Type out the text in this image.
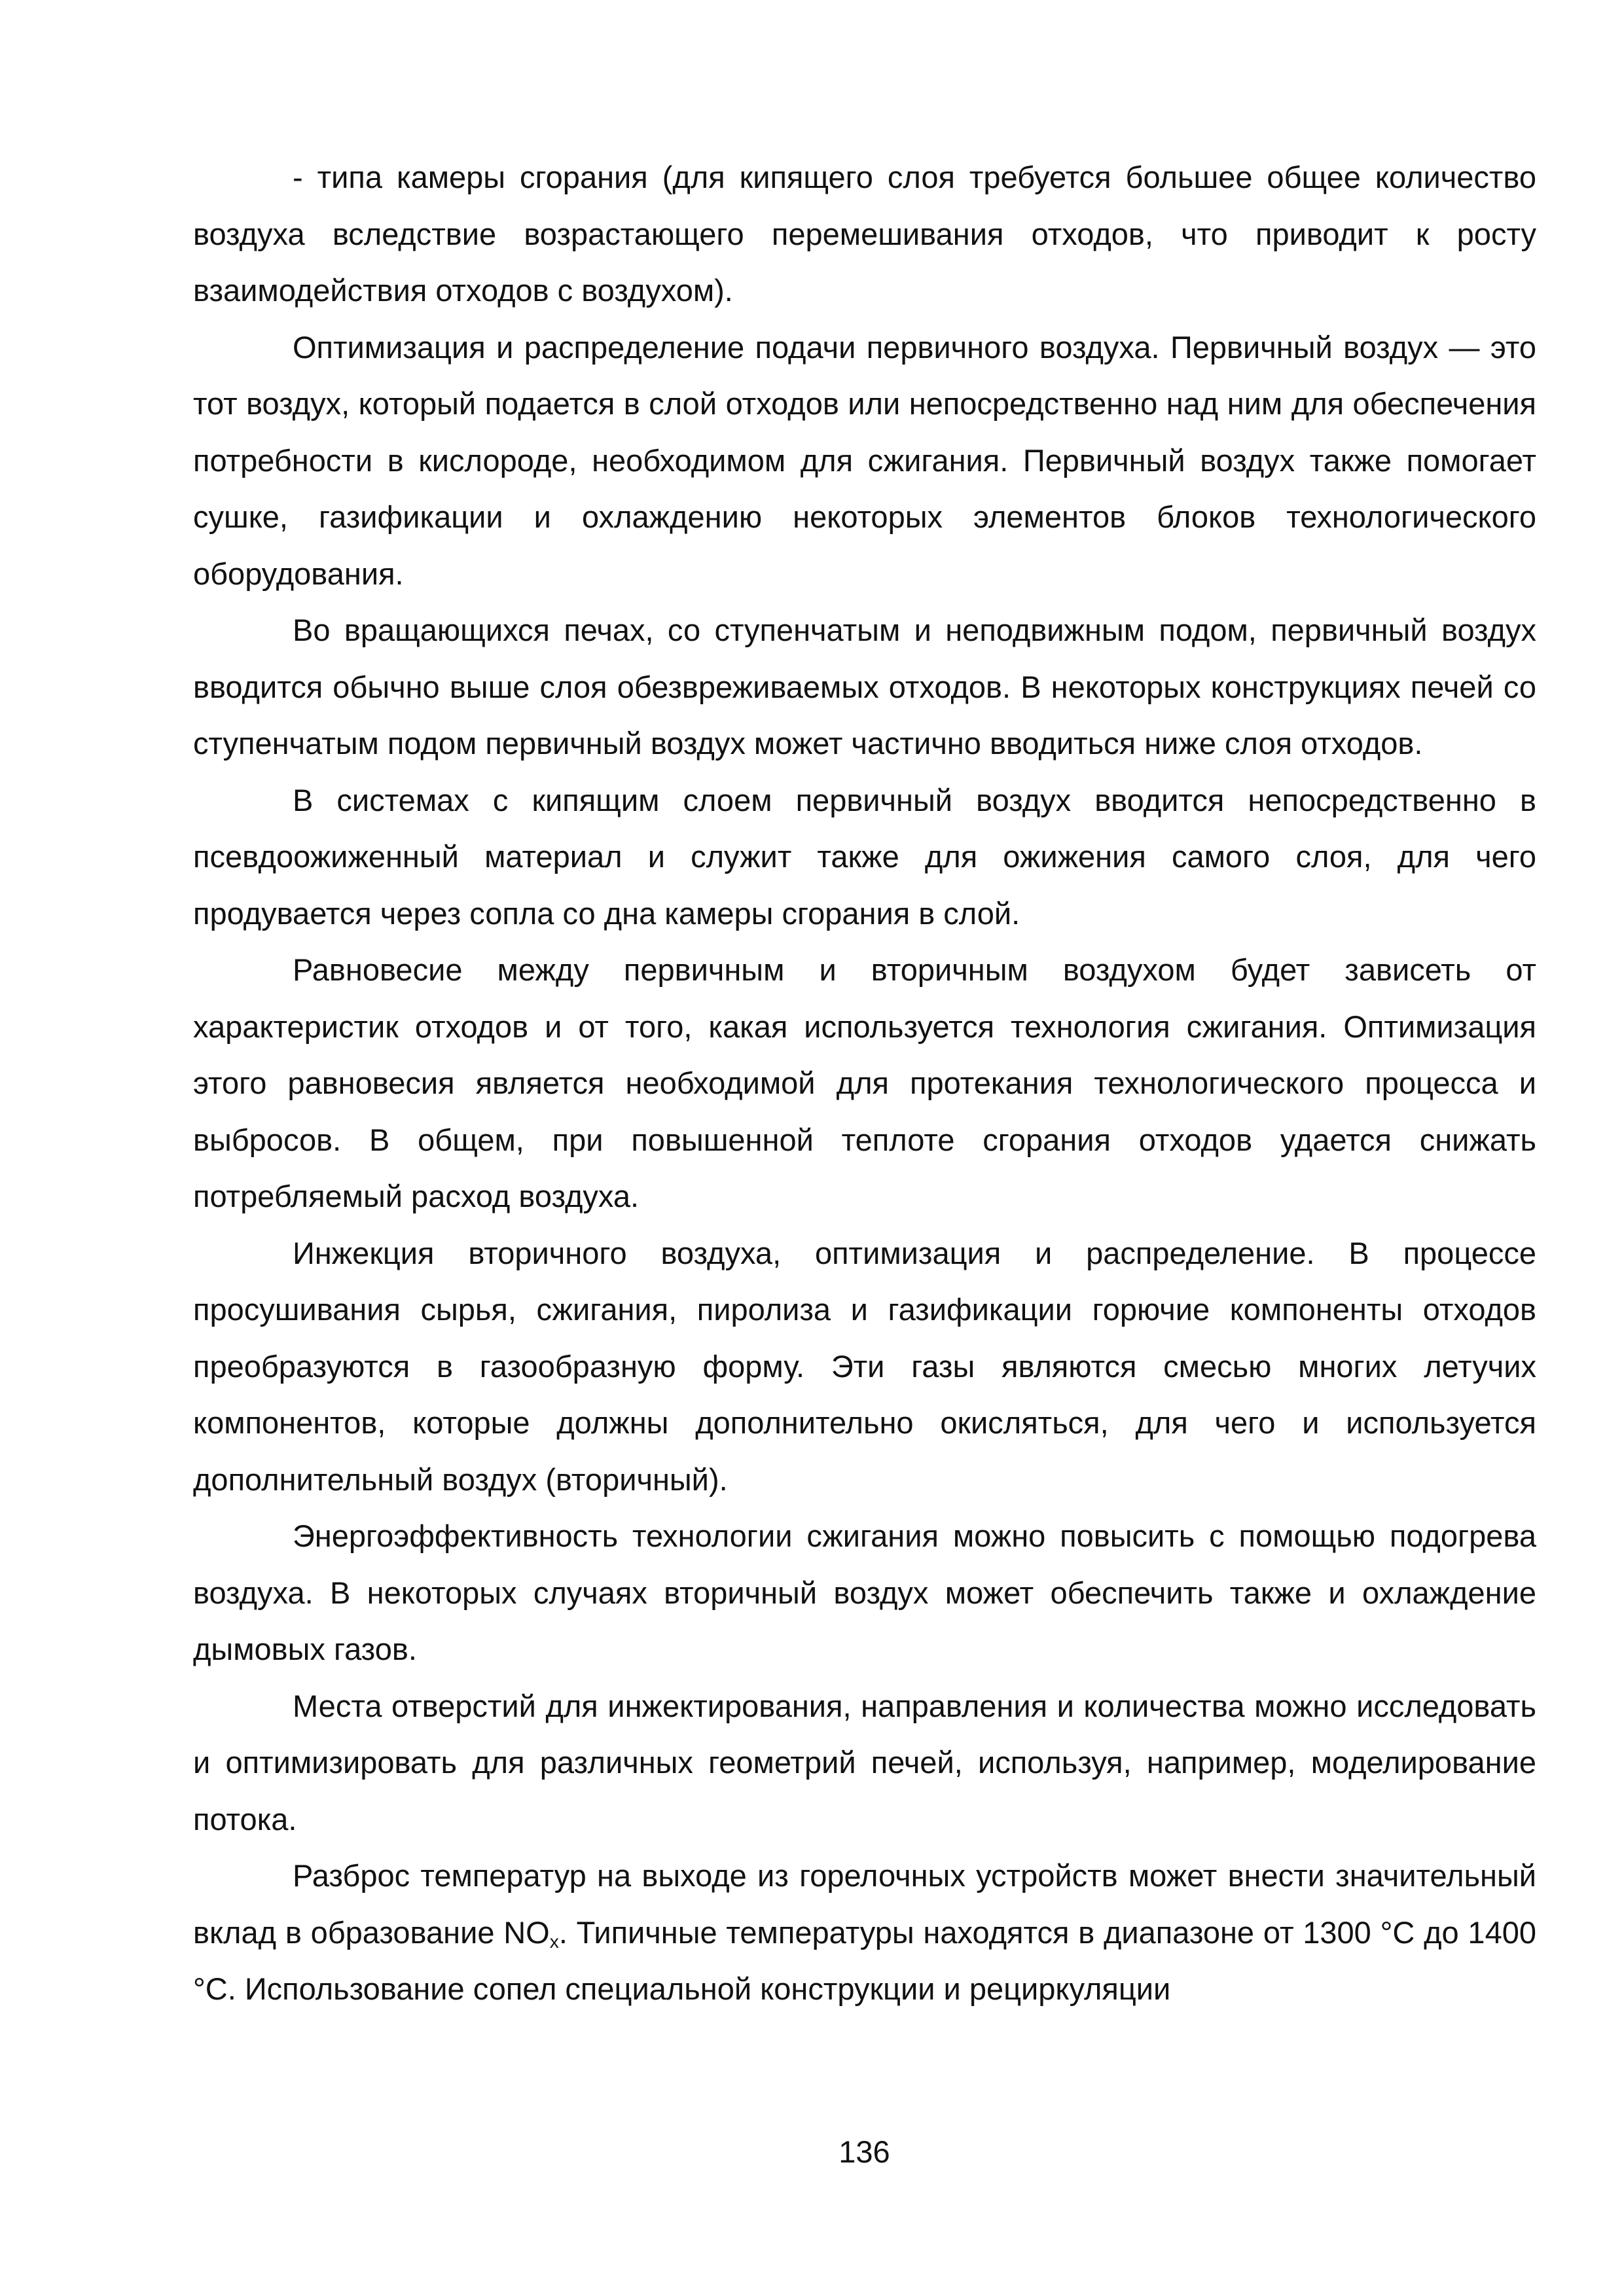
- типа камеры сгорания (для кипящего слоя требуется большее общее количество воздуха вследствие возрастающего перемешивания отходов, что приводит к росту взаимодействия отходов с воздухом).

Оптимизация и распределение подачи первичного воздуха. Первичный воздух — это тот воздух, который подается в слой отходов или непосредственно над ним для обеспечения потребности в кислороде, необходимом для сжигания. Первичный воздух также помогает сушке, газификации и охлаждению некоторых элементов блоков технологического оборудования.

Во вращающихся печах, со ступенчатым и неподвижным подом, первичный воздух вводится обычно выше слоя обезвреживаемых отходов. В некоторых конструкциях печей со ступенчатым подом первичный воздух может частично вводиться ниже слоя отходов.

В системах с кипящим слоем первичный воздух вводится непосредственно в псевдоожиженный материал и служит также для ожижения самого слоя, для чего продувается через сопла со дна камеры сгорания в слой.

Равновесие между первичным и вторичным воздухом будет зависеть от характеристик отходов и от того, какая используется технология сжигания. Оптимизация этого равновесия является необходимой для протекания технологического процесса и выбросов. В общем, при повышенной теплоте сгорания отходов удается снижать потребляемый расход воздуха.

Инжекция вторичного воздуха, оптимизация и распределение. В процессе просушивания сырья, сжигания, пиролиза и газификации горючие компоненты отходов преобразуются в газообразную форму. Эти газы являются смесью многих летучих компонентов, которые должны дополнительно окисляться, для чего и используется дополнительный воздух (вторичный).

Энергоэффективность технологии сжигания можно повысить с помощью подогрева воздуха. В некоторых случаях вторичный воздух может обеспечить также и охлаждение дымовых газов.

Места отверстий для инжектирования, направления и количества можно исследовать и оптимизировать для различных геометрий печей, используя, например, моделирование потока.

Разброс температур на выходе из горелочных устройств может внести значительный вклад в образование $NO_x$. Типичные температуры находятся в диапазоне от 1300 °С до 1400 °С. Использование сопел специальной конструкции и рециркуляции

136
